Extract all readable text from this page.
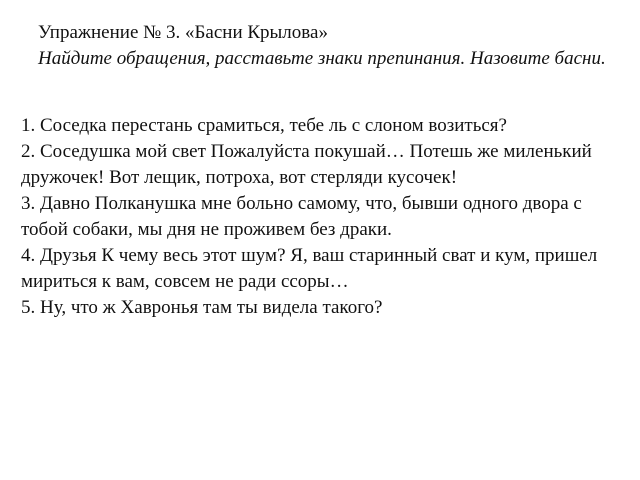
Упражнение № 3. «Басни Крылова»
Найдите обращения, расставьте знаки препинания. Назовите басни.
1. Соседка перестань срамиться, тебе ль с слоном возиться?
2. Соседушка мой свет Пожалуйста покушай… Потешь же миленький дружочек! Вот лещик, потроха, вот стерляди кусочек!
3. Давно Полканушка мне больно самому, что, бывши одного двора с тобой собаки, мы дня не проживем без драки.
4. Друзья К чему весь этот шум? Я, ваш старинный сват и кум, пришел мириться к вам, совсем не ради ссоры…
5. Ну, что ж Хавронья там ты видела такого?
